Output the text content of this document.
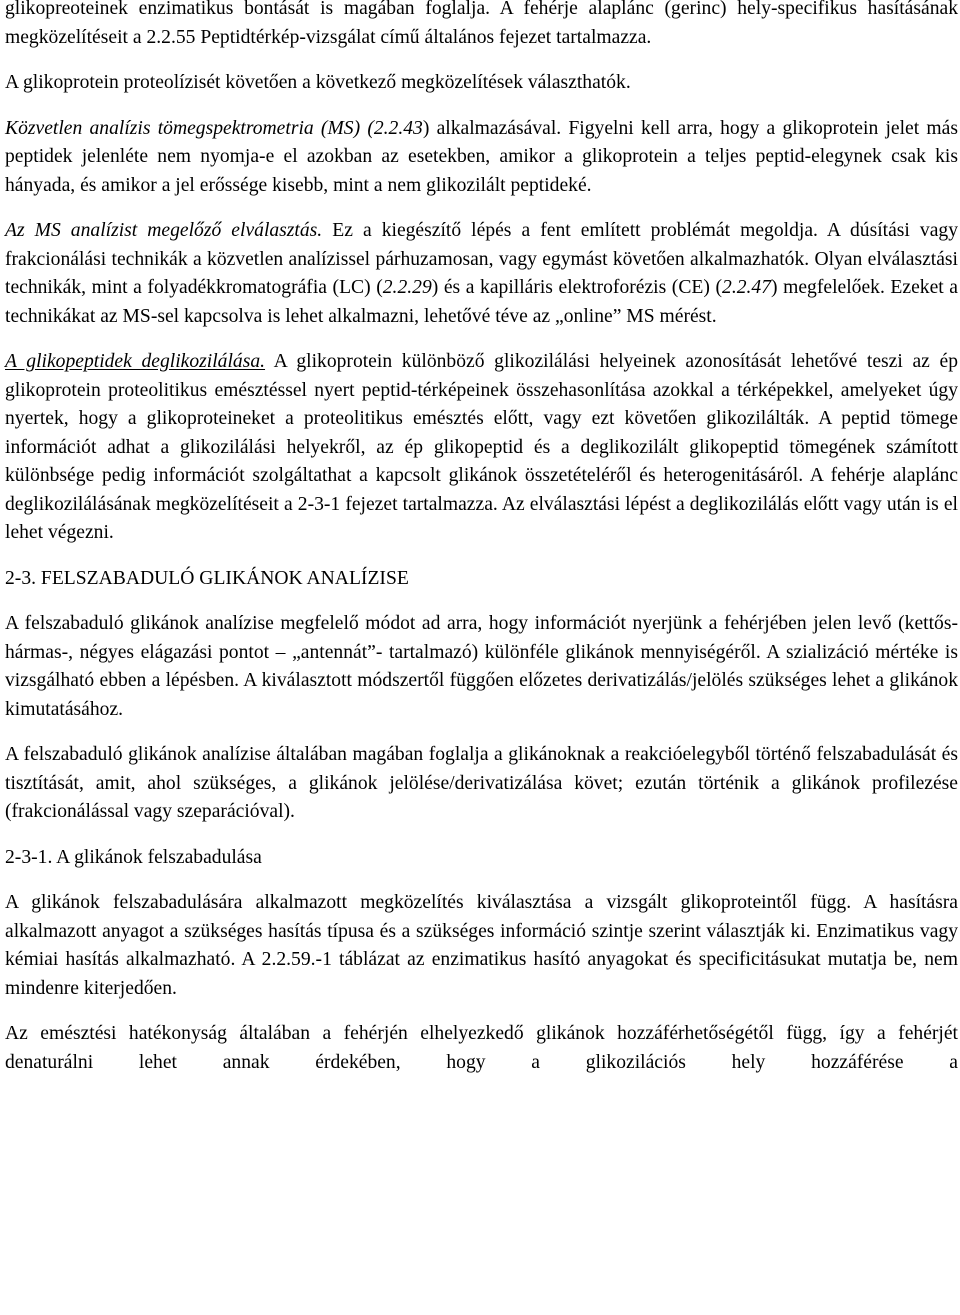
glikopreoteinek enzimatikus bontását is magában foglalja. A fehérje alaplánc (gerinc) hely-specifikus hasításának megközelítéseit a 2.2.55 Peptidtérkép-vizsgálat című általános fejezet tartalmazza.

A glikoprotein proteolízisét követően a következő megközelítések választhatók.

Közvetlen analízis tömegspektrometria (MS) (2.2.43) alkalmazásával. Figyelni kell arra, hogy a glikoprotein jelet más peptidek jelenléte nem nyomja-e el azokban az esetekben, amikor a glikoprotein a teljes peptid-elegynek csak kis hányada, és amikor a jel erőssége kisebb, mint a nem glikozilált peptideké.

Az MS analízist megelőző elválasztás. Ez a kiegészítő lépés a fent említett problémát megoldja. A dúsítási vagy frakcionálási technikák a közvetlen analízissel párhuzamosan, vagy egymást követően alkalmazhatók. Olyan elválasztási technikák, mint a folyadékkromatográfia (LC) (2.2.29) és a kapilláris elektroforézis (CE) (2.2.47) megfelelőek. Ezeket a technikákat az MS-sel kapcsolva is lehet alkalmazni, lehetővé téve az „online” MS mérést.

A glikopeptidek deglikozilálása. A glikoprotein különböző glikozilálási helyeinek azonosítását lehetővé teszi az ép glikoprotein proteolitikus emésztéssel nyert peptid-térképeinek összehasonlítása azokkal a térképekkel, amelyeket úgy nyertek, hogy a glikoproteineket a proteolitikus emésztés előtt, vagy ezt követően glikozilálták. A peptid tömege információt adhat a glikozilálási helyekről, az ép glikopeptid és a deglikozilált glikopeptid tömegének számított különbsége pedig információt szolgáltathat a kapcsolt glikánok összetételéről és heterogenitásáról. A fehérje alaplánc deglikozilálásának megközelítéseit a 2-3-1 fejezet tartalmazza. Az elválasztási lépést a deglikozilálás előtt vagy után is el lehet végezni.

2-3. FELSZABADULÓ GLIKÁNOK ANALÍZISE

A felszabaduló glikánok analízise megfelelő módot ad arra, hogy információt nyerjünk a fehérjében jelen levő (kettős-hármas-, négyes elágazási pontot – „antennát”- tartalmazó) különféle glikánok mennyiségéről. A szializáció mértéke is vizsgálható ebben a lépésben. A kiválasztott módszertől függően előzetes derivatizálás/jelölés szükséges lehet a glikánok kimutatásához.

A felszabaduló glikánok analízise általában magában foglalja a glikánoknak a reakcióelegyből történő felszabadulását és tisztítását, amit, ahol szükséges, a glikánok jelölése/derivatizálása követ; ezután történik a glikánok profilezése (frakcionálással vagy szeparációval).

2-3-1. A glikánok felszabadulása

A glikánok felszabadulására alkalmazott megközelítés kiválasztása a vizsgált glikoproteintől függ. A hasításra alkalmazott anyagot a szükséges hasítás típusa és a szükséges információ szintje szerint választják ki. Enzimatikus vagy kémiai hasítás alkalmazható. A 2.2.59.-1 táblázat az enzimatikus hasító anyagokat és specificitásukat mutatja be, nem mindenre kiterjedően.

Az emésztési hatékonyság általában a fehérjén elhelyezkedő glikánok hozzáférhetőségétől függ, így a fehérjét denaturálni lehet annak érdekében, hogy a glikozilációs hely hozzáférése a
